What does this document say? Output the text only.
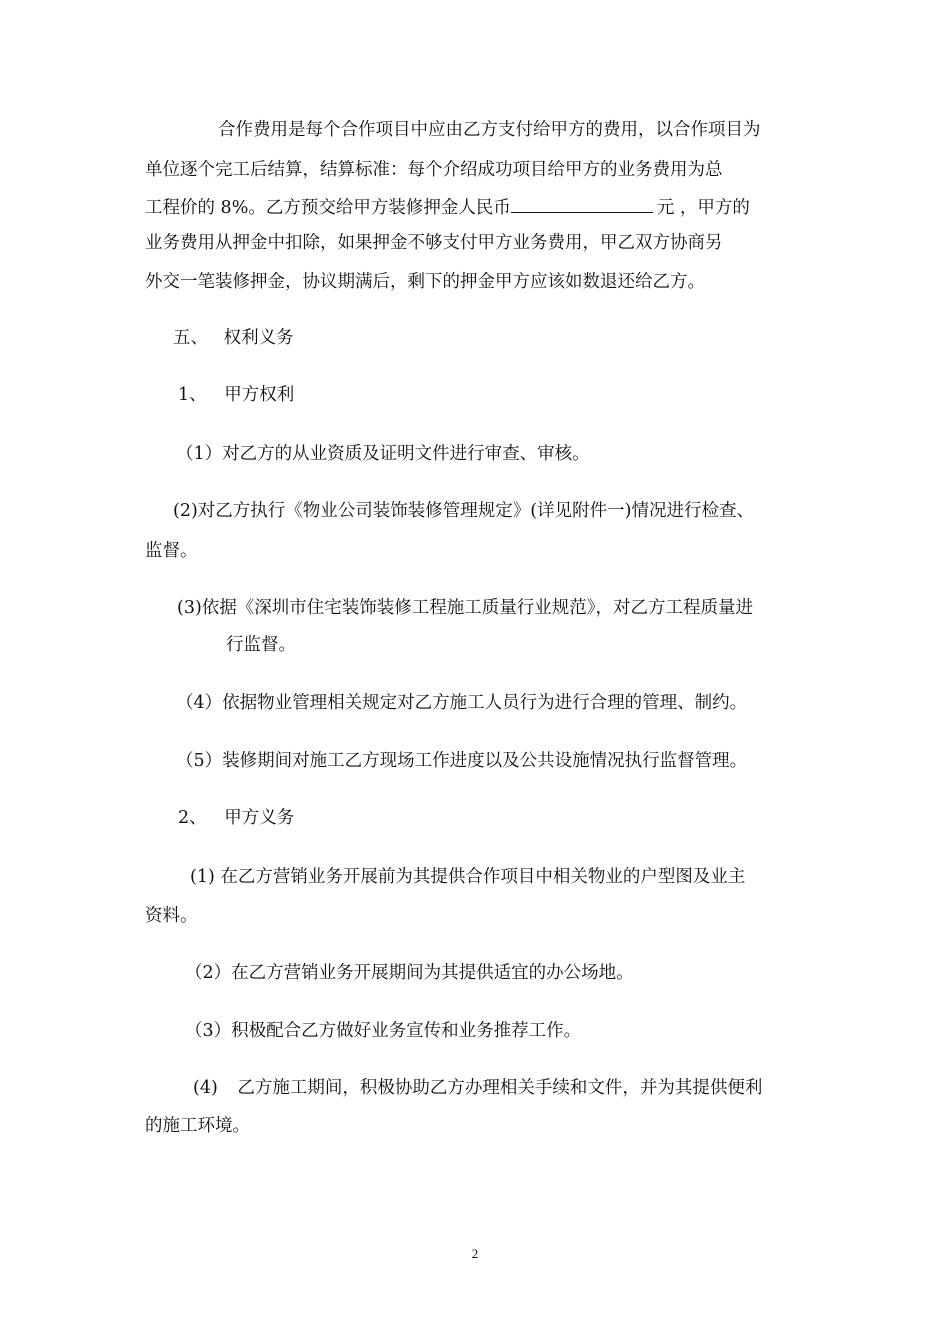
合作费用是每个合作项目中应由乙方支付给甲方的费用，以合作项目为
单位逐个完工后结算，结算标准：每个介绍成功项目给甲方的业务费用为总
工程价的 8%。乙方预交给甲方装修押金人民币	元 ，甲方的
业务费用从押金中扣除，如果押金不够支付甲方业务费用，甲乙双方协商另
外交一笔装修押金，协议期满后，剩下的押金甲方应该如数退还给乙方。
五、 权利义务
1、 甲方权利
（1）对乙方的从业资质及证明文件进行审查、审核。
(2)对乙方执行《物业公司装饰装修管理规定》(详见附件一)情况进行检查、
监督。
(3)依据《深圳市住宅装饰装修工程施工质量行业规范》，对乙方工程质量进
行监督。
（4）依据物业管理相关规定对乙方施工人员行为进行合理的管理、制约。
（5）装修期间对施工乙方现场工作进度以及公共设施情况执行监督管理。
2、 甲方义务
(1) 在乙方营销业务开展前为其提供合作项目中相关物业的户型图及业主
资料。
（2）在乙方营销业务开展期间为其提供适宜的办公场地。
（3）积极配合乙方做好业务宣传和业务推荐工作。
(4) 乙方施工期间，积极协助乙方办理相关手续和文件，并为其提供便利
的施工环境。
2
